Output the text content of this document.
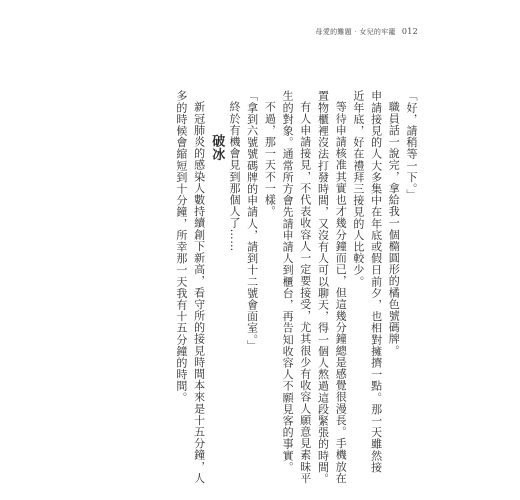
母愛的難題‧女兒的牢籠 012

「好，請稍等一下。」

職員話一說完，拿給我一個橢圓形的橘色號碼牌。

申請接見的人大多集中在年底或假日前夕，也相對擁擠一點。那一天雖然接

近年底，好在禮拜三接見的人比較少。

等待申請核准其實也才幾分鐘而已，但這幾分鐘總是感覺很漫長。手機放在

置物櫃裡沒法打發時間，又沒有人可以聊天，得一個人熬過這段緊張的時間。

有人申請接見，不代表收容人一定要接受，尤其很少有收容人願意見素昧平

生的對象。通常所方會先請申請人到櫃台，再告知收容人不願見客的事實。

不過，那一天不一樣。

「拿到六號號碼牌的申請人，請到十二號會面室。」

終於有機會見到那個人了……

破冰

新冠肺炎的感染人數持續創下新高，看守所的接見時間本來是十五分鐘，人

多的時候會縮短到十分鐘，所幸那一天我有十五分鐘的時間。
